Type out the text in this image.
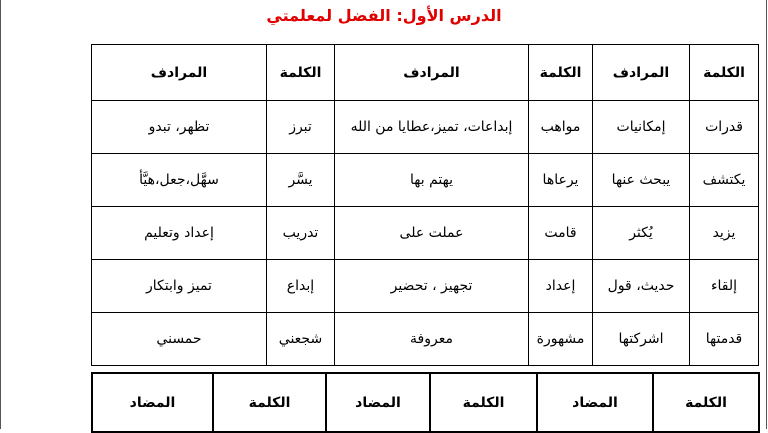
الدرس الأول: الفضل لمعلمتي
الكلمة	المرادف	الكلمة	المرادف	الكلمة	المرادف
قدرات	إمكانيات	مواهب	إبداعات، تميز،عطايا من الله	تبرز	تظهر، تبدو
يكتشف	يبحث عنها	يرعاها	يهتم بها	يسَّر	سهَّل،جعل،هيَّأ
يزيد	يُكثر	قامت	عملت على	تدريب	إعداد وتعليم
إلقاء	حديث، قول	إعداد	تجهيز ، تحضير	إبداع	تميز وابتكار
قدمتها	اشركتها	مشهورة	معروفة	شجعني	حمسني
الكلمة	المضاد	الكلمة	المضاد	الكلمة	المضاد
